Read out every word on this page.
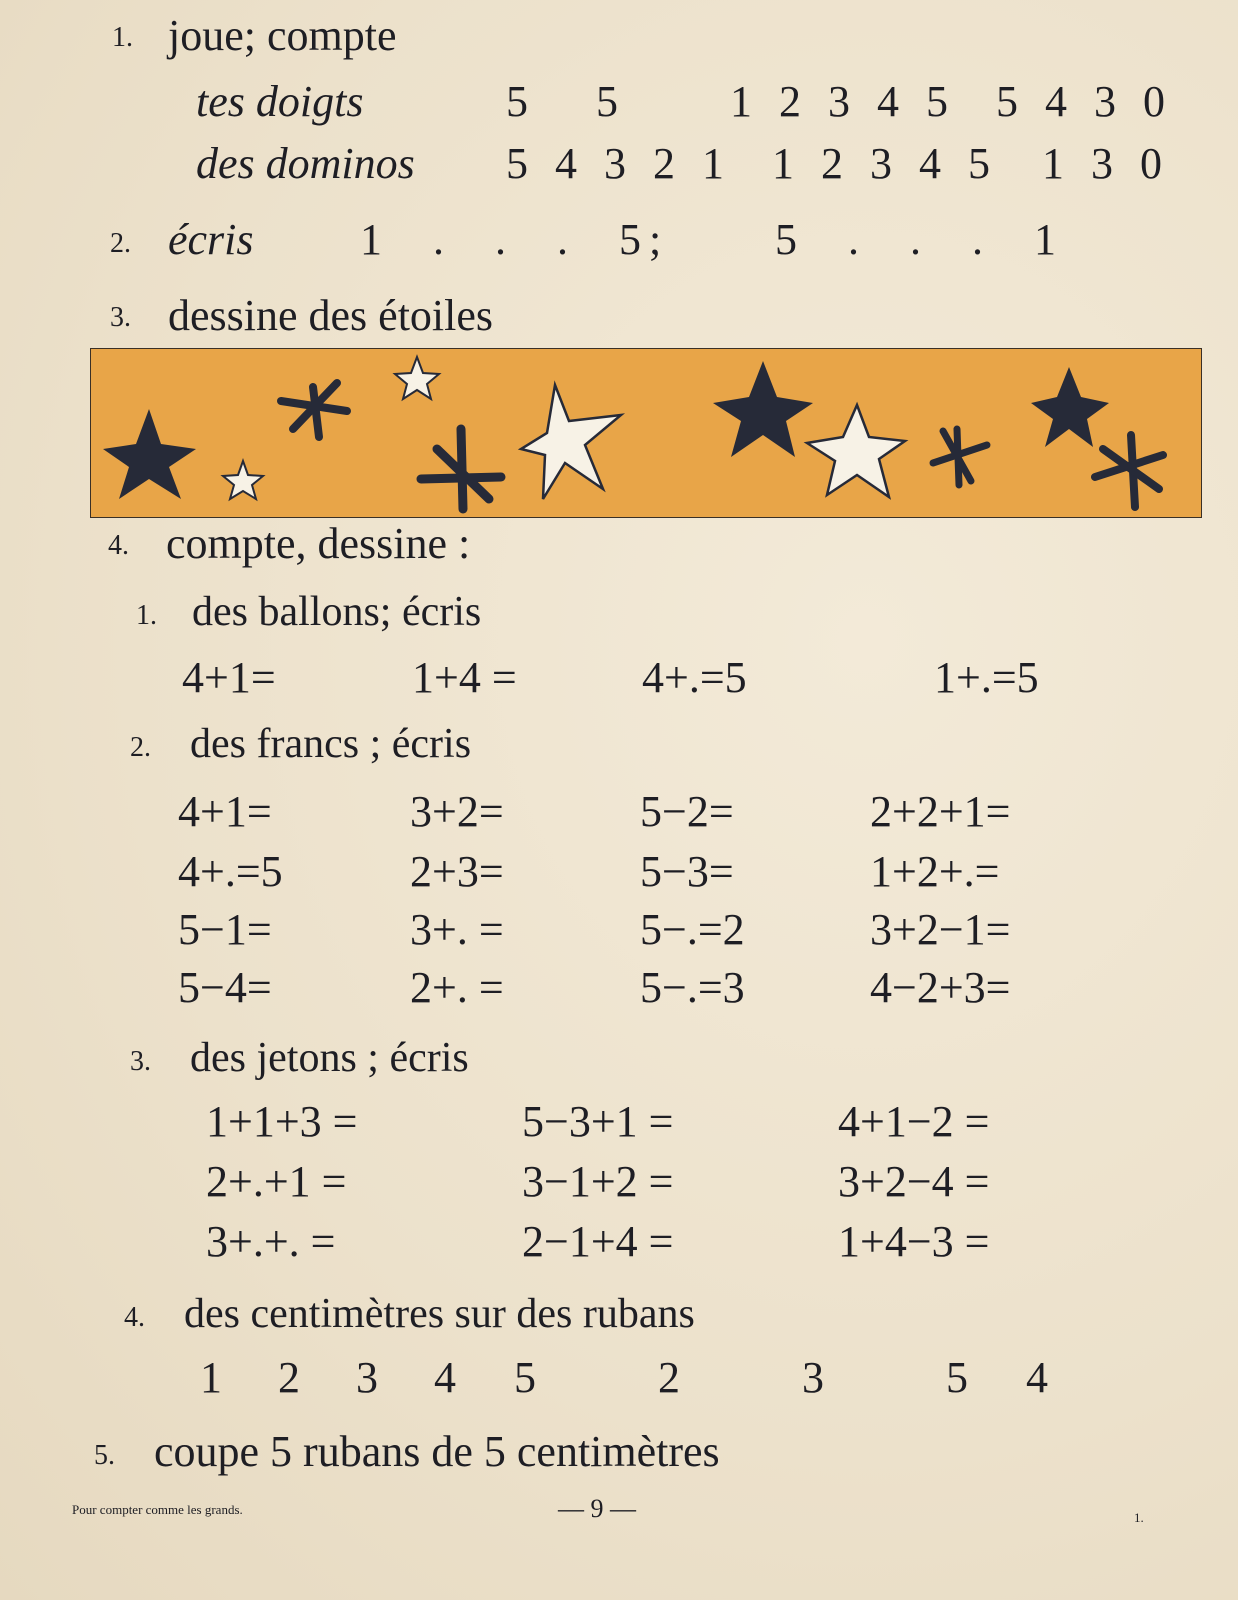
1. joue; compte
tes doigts	5 5 1 2 3 4 5 5 4 3 0
des dominos 5 4 3 2 1 1 2 3 4 5 1 3 0
2. écris 1 . . . 5; 5 . . . 1
3. dessine des étoiles
4. compte, dessine :
1. des ballons; écris
4+1=	1+4 =	4+.=5	1+.=5
2. des francs ; écris
4+1=	3+2=	5−2=	2+2+1=
4+.=5	2+3=	5−3=	1+2+.=
5−1=	3+. =	5−.=2	3+2−1=
5−4=	2+. =	5−.=3	4−2+3=
3. des jetons ; écris
1+1+3 =	5−3+1 =	4+1−2 =
2+.+1 =	3−1+2 =	3+2−4 =
3+.+. =	2−1+4 =	1+4−3 =
4. des centimètres sur des rubans
1 2 3 4 5	2	3	5 4
5. coupe 5 rubans de 5 centimètres
Pour compter comme les grands.	— 9 —	1.
